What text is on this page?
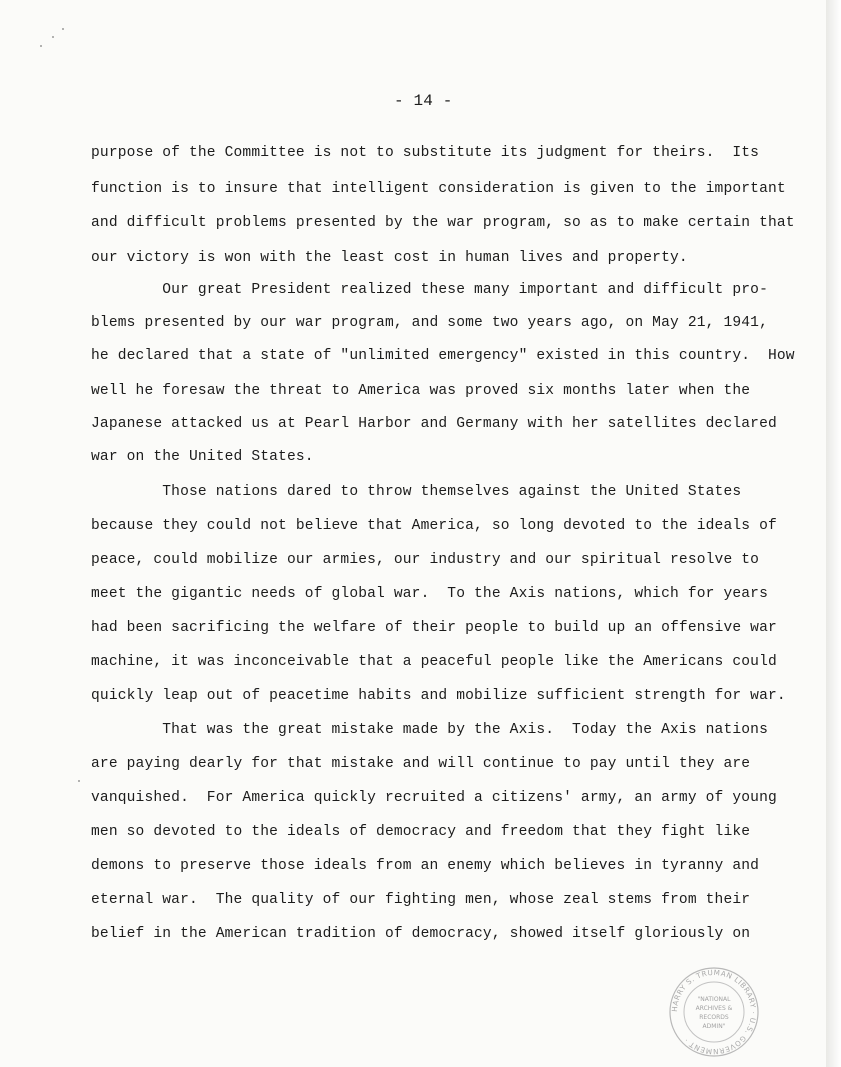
- 14 -
purpose of the Committee is not to substitute its judgment for theirs.  Its
function is to insure that intelligent consideration is given to the important
and difficult problems presented by the war program, so as to make certain that
our victory is won with the least cost in human lives and property.
Our great President realized these many important and difficult pro-
blems presented by our war program, and some two years ago, on May 21, 1941,
he declared that a state of "unlimited emergency" existed in this country.  How
well he foresaw the threat to America was proved six months later when the
Japanese attacked us at Pearl Harbor and Germany with her satellites declared
war on the United States.
Those nations dared to throw themselves against the United States
because they could not believe that America, so long devoted to the ideals of
peace, could mobilize our armies, our industry and our spiritual resolve to
meet the gigantic needs of global war.  To the Axis nations, which for years
had been sacrificing the welfare of their people to build up an offensive war
machine, it was inconceivable that a peaceful people like the Americans could
quickly leap out of peacetime habits and mobilize sufficient strength for war.
That was the great mistake made by the Axis.  Today the Axis nations
are paying dearly for that mistake and will continue to pay until they are
vanquished.  For America quickly recruited a citizens' army, an army of young
men so devoted to the ideals of democracy and freedom that they fight like
demons to preserve those ideals from an enemy which believes in tyranny and
eternal war.  The quality of our fighting men, whose zeal stems from their
belief in the American tradition of democracy, showed itself gloriously on
HARRY S. TRUMAN LIBRARY · U.S. GOVERNMENT ·
"NATIONAL
ARCHIVES &
RECORDS
ADMIN"
